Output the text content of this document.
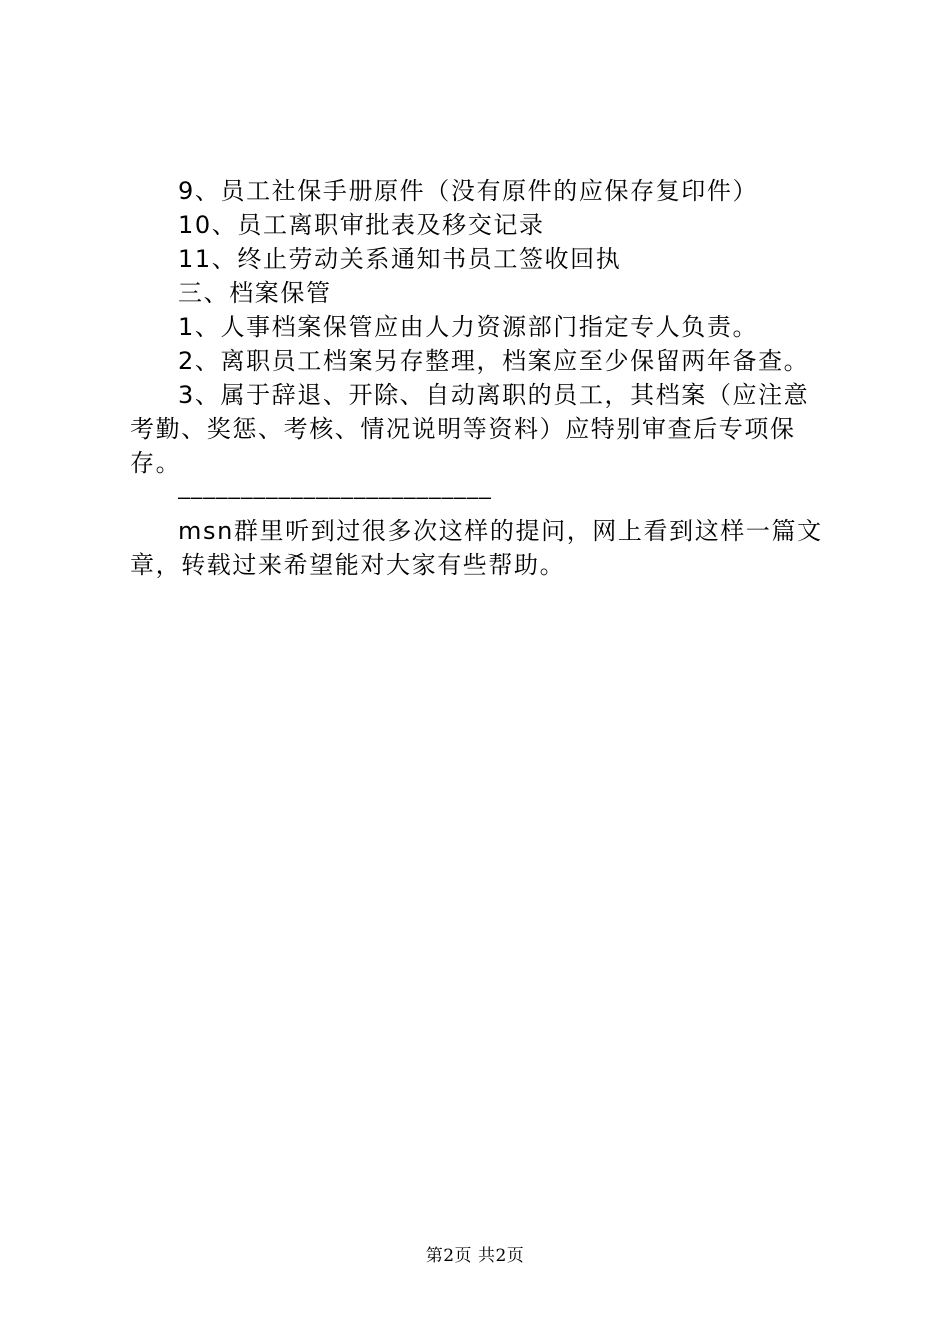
9、员工社保手册原件（没有原件的应保存复印件）

10、员工离职审批表及移交记录

11、终止劳动关系通知书员工签收回执

三、档案保管

1、人事档案保管应由人力资源部门指定专人负责。

2、离职员工档案另存整理，档案应至少保留两年备查。

3、属于辞退、开除、自动离职的员工，其档案（应注意考勤、奖惩、考核、情况说明等资料）应特别审查后专项保存。

—————————————————————————

msn群里听到过很多次这样的提问，网上看到这样一篇文章，转载过来希望能对大家有些帮助。

第2页 共2页
